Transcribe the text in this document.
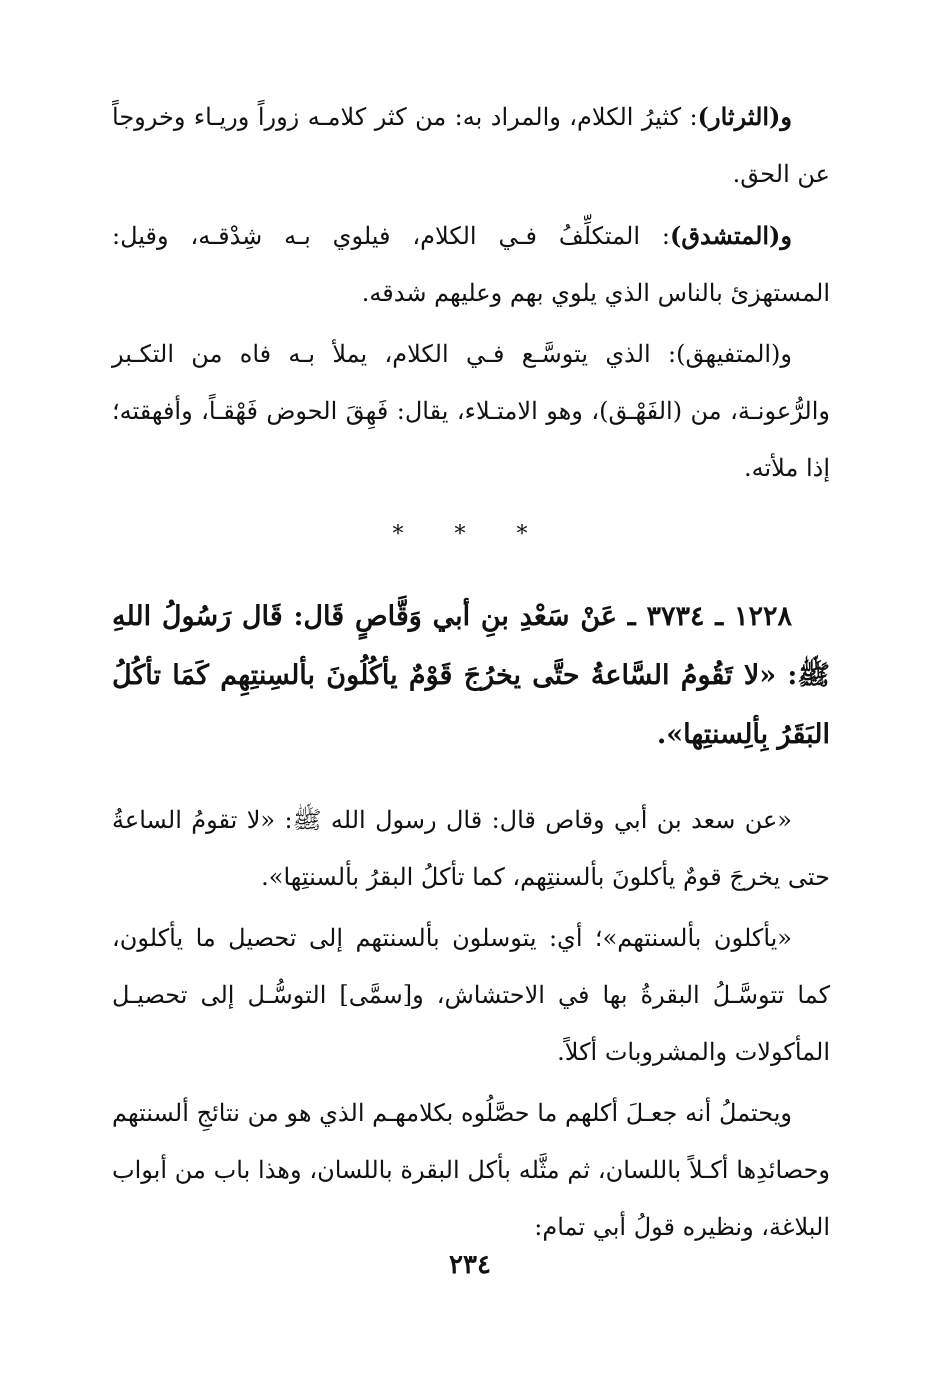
و(الثرثار): كثيرُ الكلام، والمراد به: من كثر كلامـه زوراً وريـاء وخروجاً عن الحق.

و(المتشدق): المتكلِّفُ فـي الكلام، فيلوي بـه شِدْقـه، وقيل: المستهزئ بالناس الذي يلوي بهم وعليهم شدقه.

و(المتفيهق): الذي يتوسَّـع فـي الكلام، يملأ بـه فاه من التكـبر والرُّعونـة، من (الفَهْـق)، وهو الامتـلاء، يقال: فَهِقَ الحوض فَهْقـاً، وأفهقته؛ إذا ملأته.

* * *

١٢٢٨ ـ ٣٧٣٤ ـ عَنْ سَعْدِ بنِ أبي وَقَّاصٍ قَال: قَال رَسُولُ اللهِ ﷺ: «لا تَقُومُ السَّاعةُ حتَّى يخرُجَ قَوْمٌ يأكُلُونَ بألسِنتِهِم كَمَا تأكُلُ البَقَرُ بِألِسنتِها».

«عن سعد بن أبي وقاص قال: قال رسول الله ﷺ: «لا تقومُ الساعةُ حتى يخرجَ قومٌ يأكلونَ بألسنتِهم، كما تأكلُ البقرُ بألسنتِها».

«يأكلون بألسنتهم»؛ أي: يتوسلون بألسنتهم إلى تحصيل ما يأكلون، كما تتوسَّـلُ البقرةُ بها في الاحتشاش، و[سمَّى] التوسُّـل إلى تحصيـل المأكولات والمشروبات أكلاً.

ويحتملُ أنه جعـلَ أكلهم ما حصَّلُوه بكلامهـم الذي هو من نتائجِ ألسنتهم وحصائدِها أكـلاً باللسان، ثم مثَّله بأكل البقرة باللسان، وهذا باب من أبواب البلاغة، ونظيره قولُ أبي تمام:

٢٣٤
